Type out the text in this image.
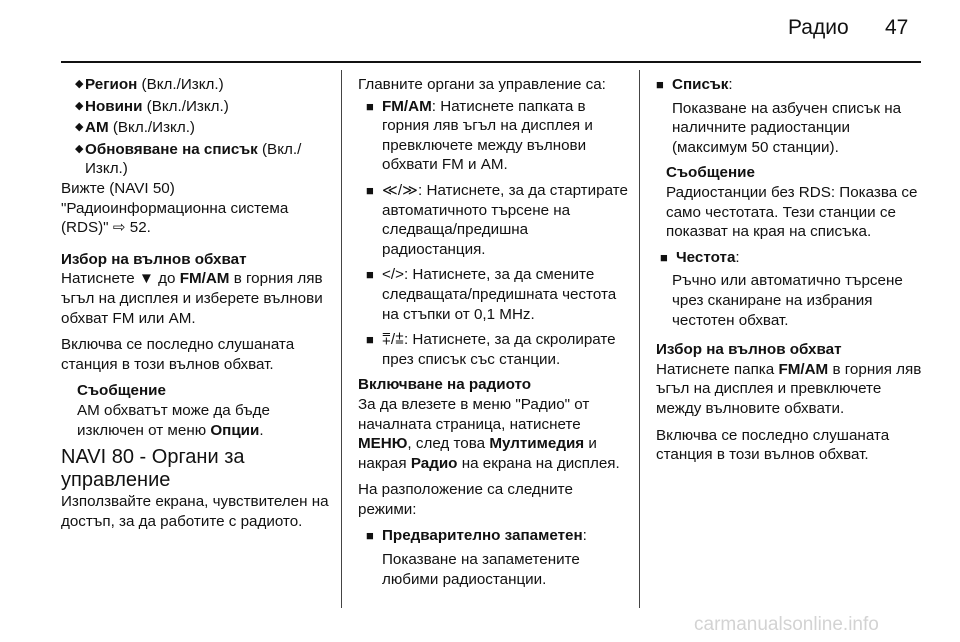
Радио 47
◆ Регион (Вкл./Изкл.)
◆ Новини (Вкл./Изкл.)
◆ AM (Вкл./Изкл.)
◆ Обновяване на списък (Вкл./Изкл.)

Вижте (NAVI 50) "Радиоинформационна система (RDS)" ⇨ 52.

Избор на вълнов обхват

Натиснете ▼ до FM/AM в горния ляв ъгъл на дисплея и изберете вълнови обхват FM или AM.

Включва се последно слушаната станция в този вълнов обхват.

Съобщение
AM обхватът може да бъде изключен от меню Опции.
NAVI 80 - Органи за управление

Използвайте екрана, чувствителен на достъп, за да работите с радиото.

Главните органи за управление са:

■ FM/AM: Натиснете папката в горния ляв ъгъл на дисплея и превключете между вълнови обхвати FM и AM.
■ ≪/≫: Натиснете, за да стартирате автоматичното търсене на следваща/предишна радиостанция.
■ </>: Натиснете, за да смените следващата/предишната честота на стъпки от 0,1 MHz.
■ ⩱/⩲: Натиснете, за да скролирате през списък със станции.

Включване на радиото

За да влезете в меню "Радио" от началната страница, натиснете МЕНЮ, след това Мултимедия и накрая Радио на екрана на дисплея.

На разположение са следните режими:

■ Предварително запаметен:
Показване на запаметените любими радиостанции.
■ Списък:
Показване на азбучен списък на наличните радиостанции (максимум 50 станции).
Съобщение
Радиостанции без RDS: Показва се само честотата. Тези станции се показват на края на списъка.
■ Честота:
Ръчно или автоматично търсене чрез сканиране на избрания честотен обхват.

Избор на вълнов обхват

Натиснете папка FM/AM в горния ляв ъгъл на дисплея и превключете между вълновите обхвати.

Включва се последно слушаната станция в този вълнов обхват.

carmanualsonline.info
